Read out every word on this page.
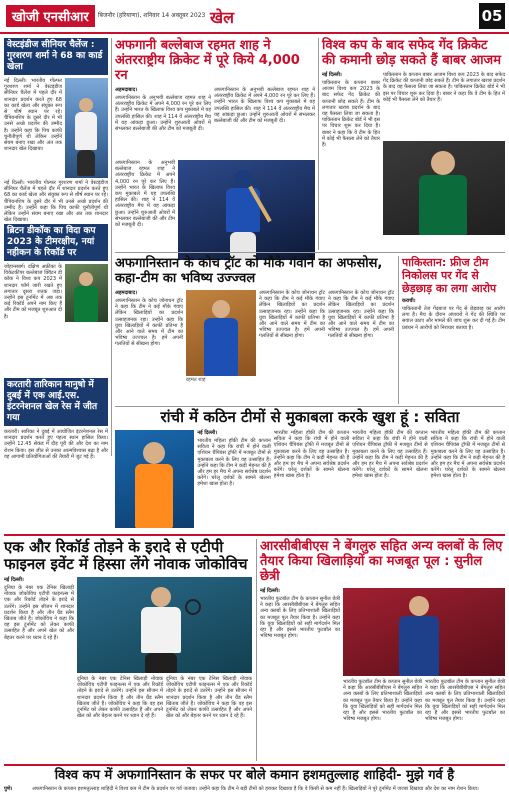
खोजी एनसीआर	बिजनौर (हरियाणा), शनिवार 14 अक्तूबर 2023 खेल	05
वेस्टइंडीज सीनियर चैलेंज : गुरशरण शर्मा ने 68 का कार्ड खेला
नई दिल्ली। भारतीय गोल्फर गुरशरण शर्मा ने वेस्टइंडीज सीनियर चैलेंज में पहले दौर में शानदार प्रदर्शन करते हुए 68 का कार्ड खेला और संयुक्त रूप से शीर्ष स्थान पर रहे। चैंपियनशिप के दूसरे दौर में भी उनसे अच्छे प्रदर्शन की उम्मीद है। उन्होंने कहा कि पिच काफी चुनौतीपूर्ण थी लेकिन उन्होंने संयम बनाए रखा और अंत तक शानदार खेल दिखाया।
नई दिल्ली। भारतीय गोल्फर गुरशरण शर्मा ने वेस्टइंडीज सीनियर चैलेंज में पहले दौर में शानदार प्रदर्शन करते हुए 68 का कार्ड खेला और संयुक्त रूप से शीर्ष स्थान पर रहे। चैंपियनशिप के दूसरे दौर में भी उनसे अच्छे प्रदर्शन की उम्मीद है। उन्होंने कहा कि पिच काफी चुनौतीपूर्ण थी लेकिन उन्होंने संयम बनाए रखा और अंत तक शानदार खेल दिखाया।
ब्रिटन डीकॉक का विदा कप 2023 के टीमरक्षीय, नयां नहीकन के रिकॉर्ड पर
जोहान्सबर्ग। दक्षिण अफ्रीका के विकेटकीपर बल्लेबाज क्विंटन डी कॉक ने विश्व कप 2023 में शानदार फॉर्म जारी रखते हुए लगातार दूसरा शतक जड़ा। उन्होंने इस टूर्नामेंट में अब तक कई रिकॉर्ड अपने नाम किए हैं और टीम को मजबूत शुरुआत दी है।
करतारी तारिकान मानुषो में दुबई में एक आई.एस. इंटरनेशनल खेल रेस में जीत गया
करतारी। सारिका ने दुबई में आयोजित इंटरनेशनल रेस में शानदार प्रदर्शन करते हुए पहला स्थान हासिल किया। उन्होंने 12.45 सेकंड में दौड़ पूरी की और देश का नाम रोशन किया। इस जीत से उनका आत्मविश्वास बढ़ा है और वह आगामी प्रतियोगिताओं की तैयारी में जुट गई हैं।
अफगानी बल्लेबाज रहमत शाह ने अंतरराष्ट्रीय क्रिकेट में पूरे किये 4,000 रन
अहमदाबाद।
अफगानिस्तान के अनुभवी बल्लेबाज रहमत शाह ने अंतरराष्ट्रीय क्रिकेट में अपने 4,000 रन पूरे कर लिए हैं। उन्होंने भारत के खिलाफ विश्व कप मुकाबले में यह उपलब्धि हासिल की। शाह ने 114 वें अंतरराष्ट्रीय मैच में यह आंकड़ा छुआ। उन्होंने शुरुआती ओवरों में संभलकर बल्लेबाजी की और टीम को मजबूती दी।
अफगानिस्तान के अनुभवी बल्लेबाज रहमत शाह ने अंतरराष्ट्रीय क्रिकेट में अपने 4,000 रन पूरे कर लिए हैं। उन्होंने भारत के खिलाफ विश्व कप मुकाबले में यह उपलब्धि हासिल की। शाह ने 114 वें अंतरराष्ट्रीय मैच में यह आंकड़ा छुआ। उन्होंने शुरुआती ओवरों में संभलकर बल्लेबाजी की और टीम को मजबूती दी।
अफगानिस्तान के अनुभवी बल्लेबाज रहमत शाह ने अंतरराष्ट्रीय क्रिकेट में अपने 4,000 रन पूरे कर लिए हैं। उन्होंने भारत के खिलाफ विश्व कप मुकाबले में यह उपलब्धि हासिल की। शाह ने 114 वें अंतरराष्ट्रीय मैच में यह आंकड़ा छुआ। उन्होंने शुरुआती ओवरों में संभलकर बल्लेबाजी की और टीम को मजबूती दी।
विश्व कप के बाद सफेद गेंद क्रिकेट की कमानी छोड़ सकते हैं बाबर आजम
नई दिल्ली।
पाकिस्तान के कप्तान बाबर आजम विश्व कप 2023 के बाद सफेद गेंद क्रिकेट की कप्तानी छोड़ सकते हैं। टीम के लगातार खराब प्रदर्शन के बाद यह फैसला लिया जा सकता है। पाकिस्तान क्रिकेट बोर्ड ने भी इस पर विचार शुरू कर दिया है। बाबर ने कहा कि वे टीम के हित में कोई भी फैसला लेने को तैयार हैं।
पाकिस्तान के कप्तान बाबर आजम विश्व कप 2023 के बाद सफेद गेंद क्रिकेट की कप्तानी छोड़ सकते हैं। टीम के लगातार खराब प्रदर्शन के बाद यह फैसला लिया जा सकता है। पाकिस्तान क्रिकेट बोर्ड ने भी इस पर विचार शुरू कर दिया है। बाबर ने कहा कि वे टीम के हित में कोई भी फैसला लेने को तैयार हैं।
अफगानिस्तान के कोच ट्रॉट को मौके गंवाने का अफसोस, कहा-टीम का भविष्य उज्ज्वल
अहमदाबाद।
अफगानिस्तान के कोच जोनाथन ट्रॉट ने कहा कि टीम ने कई मौके गंवाए लेकिन खिलाड़ियों का प्रदर्शन उत्साहजनक रहा। उन्होंने कहा कि युवा खिलाड़ियों में काफी प्रतिभा है और आने वाले समय में टीम का भविष्य उज्ज्वल है। हमें अपनी गलतियों से सीखना होगा।
रहमत शाह
अफगानिस्तान के कोच जोनाथन ट्रॉट ने कहा कि टीम ने कई मौके गंवाए लेकिन खिलाड़ियों का प्रदर्शन उत्साहजनक रहा। उन्होंने कहा कि युवा खिलाड़ियों में काफी प्रतिभा है और आने वाले समय में टीम का भविष्य उज्ज्वल है। हमें अपनी गलतियों से सीखना होगा।
अफगानिस्तान के कोच जोनाथन ट्रॉट ने कहा कि टीम ने कई मौके गंवाए लेकिन खिलाड़ियों का प्रदर्शन उत्साहजनक रहा। उन्होंने कहा कि युवा खिलाड़ियों में काफी प्रतिभा है और आने वाले समय में टीम का भविष्य उज्ज्वल है। हमें अपनी गलतियों से सीखना होगा।
पाकिस्तान: फ्रीज टीम निकोलस पर गेंद से छेड़छाड़ का लगा आरोप
कराची।
पाकिस्तानी तेज गेंदबाज पर गेंद से छेड़छाड़ का आरोप लगा है। मैच के दौरान अंपायरों ने गेंद की स्थिति पर सवाल उठाए और मामले की जांच शुरू कर दी गई है। टीम प्रबंधन ने आरोपों को निराधार बताया है।
रांची में कठिन टीमों से मुकाबला करके खुश हूं : सविता
नई दिल्ली।
भारतीय महिला हॉकी टीम की कप्तान सविता ने कहा कि रांची में होने वाली एशियन चैंपियंस ट्रॉफी में मजबूत टीमों से मुकाबला करने के लिए वह उत्साहित हैं। उन्होंने कहा कि टीम ने कड़ी मेहनत की है और हम हर मैच में अपना सर्वश्रेष्ठ प्रदर्शन करेंगे। घरेलू दर्शकों के सामने खेलना हमेशा खास होता है।
भारतीय महिला हॉकी टीम की कप्तान सविता ने कहा कि रांची में होने वाली एशियन चैंपियंस ट्रॉफी में मजबूत टीमों से मुकाबला करने के लिए वह उत्साहित हैं। उन्होंने कहा कि टीम ने कड़ी मेहनत की है और हम हर मैच में अपना सर्वश्रेष्ठ प्रदर्शन करेंगे। घरेलू दर्शकों के सामने खेलना हमेशा खास होता है।
भारतीय महिला हॉकी टीम की कप्तान सविता ने कहा कि रांची में होने वाली एशियन चैंपियंस ट्रॉफी में मजबूत टीमों से मुकाबला करने के लिए वह उत्साहित हैं। उन्होंने कहा कि टीम ने कड़ी मेहनत की है और हम हर मैच में अपना सर्वश्रेष्ठ प्रदर्शन करेंगे। घरेलू दर्शकों के सामने खेलना हमेशा खास होता है।
भारतीय महिला हॉकी टीम की कप्तान सविता ने कहा कि रांची में होने वाली एशियन चैंपियंस ट्रॉफी में मजबूत टीमों से मुकाबला करने के लिए वह उत्साहित हैं। उन्होंने कहा कि टीम ने कड़ी मेहनत की है और हम हर मैच में अपना सर्वश्रेष्ठ प्रदर्शन करेंगे। घरेलू दर्शकों के सामने खेलना हमेशा खास होता है।
एक और रिकॉर्ड तोड़ने के इरादे से एटीपी फाइनल इवेंट में हिस्सा लेंगे नोवाक जोकोविच
नई दिल्ली।
दुनिया के नंबर एक टेनिस खिलाड़ी नोवाक जोकोविच एटीपी फाइनल्स में एक और रिकॉर्ड तोड़ने के इरादे से उतरेंगे। उन्होंने इस सीजन में शानदार प्रदर्शन किया है और तीन ग्रैंड स्लैम खिताब जीते हैं। जोकोविच ने कहा कि वह इस टूर्नामेंट को लेकर काफी उत्साहित हैं और अपने खेल को और बेहतर करने पर ध्यान दे रहे हैं।
दुनिया के नंबर एक टेनिस खिलाड़ी नोवाक जोकोविच एटीपी फाइनल्स में एक और रिकॉर्ड तोड़ने के इरादे से उतरेंगे। उन्होंने इस सीजन में शानदार प्रदर्शन किया है और तीन ग्रैंड स्लैम खिताब जीते हैं। जोकोविच ने कहा कि वह इस टूर्नामेंट को लेकर काफी उत्साहित हैं और अपने खेल को और बेहतर करने पर ध्यान दे रहे हैं।
दुनिया के नंबर एक टेनिस खिलाड़ी नोवाक जोकोविच एटीपी फाइनल्स में एक और रिकॉर्ड तोड़ने के इरादे से उतरेंगे। उन्होंने इस सीजन में शानदार प्रदर्शन किया है और तीन ग्रैंड स्लैम खिताब जीते हैं। जोकोविच ने कहा कि वह इस टूर्नामेंट को लेकर काफी उत्साहित हैं और अपने खेल को और बेहतर करने पर ध्यान दे रहे हैं।
आरसीबीबीएस ने बेंगलुरु सहित अन्य क्लबों के लिए तैयार किया खिलाड़ियों का मजबूत पूल : सुनील छेत्री
नई दिल्ली।
भारतीय फुटबॉल टीम के कप्तान सुनील छेत्री ने कहा कि आरसीबीबीएस ने बेंगलुरु सहित अन्य क्लबों के लिए प्रतिभाशाली खिलाड़ियों का मजबूत पूल तैयार किया है। उन्होंने कहा कि युवा खिलाड़ियों को सही मार्गदर्शन मिल रहा है और इससे भारतीय फुटबॉल का भविष्य मजबूत होगा।
भारतीय फुटबॉल टीम के कप्तान सुनील छेत्री ने कहा कि आरसीबीबीएस ने बेंगलुरु सहित अन्य क्लबों के लिए प्रतिभाशाली खिलाड़ियों का मजबूत पूल तैयार किया है। उन्होंने कहा कि युवा खिलाड़ियों को सही मार्गदर्शन मिल रहा है और इससे भारतीय फुटबॉल का भविष्य मजबूत होगा।
भारतीय फुटबॉल टीम के कप्तान सुनील छेत्री ने कहा कि आरसीबीबीएस ने बेंगलुरु सहित अन्य क्लबों के लिए प्रतिभाशाली खिलाड़ियों का मजबूत पूल तैयार किया है। उन्होंने कहा कि युवा खिलाड़ियों को सही मार्गदर्शन मिल रहा है और इससे भारतीय फुटबॉल का भविष्य मजबूत होगा।
विश्व कप में अफगानिस्तान के सफर पर बोले कमान हशमतुल्लाह शाहिदी- मुझे गर्व है
पुणे।	अफगानिस्तान के कप्तान हशमतुल्लाह शाहिदी ने विश्व कप में टीम के प्रदर्शन पर गर्व जताया। उन्होंने कहा कि टीम ने बड़ी टीमों को हराकर दिखाया है कि वे किसी से कम नहीं हैं। खिलाड़ियों ने पूरे टूर्नामेंट में जज्बा दिखाया और देश का नाम रोशन किया।
